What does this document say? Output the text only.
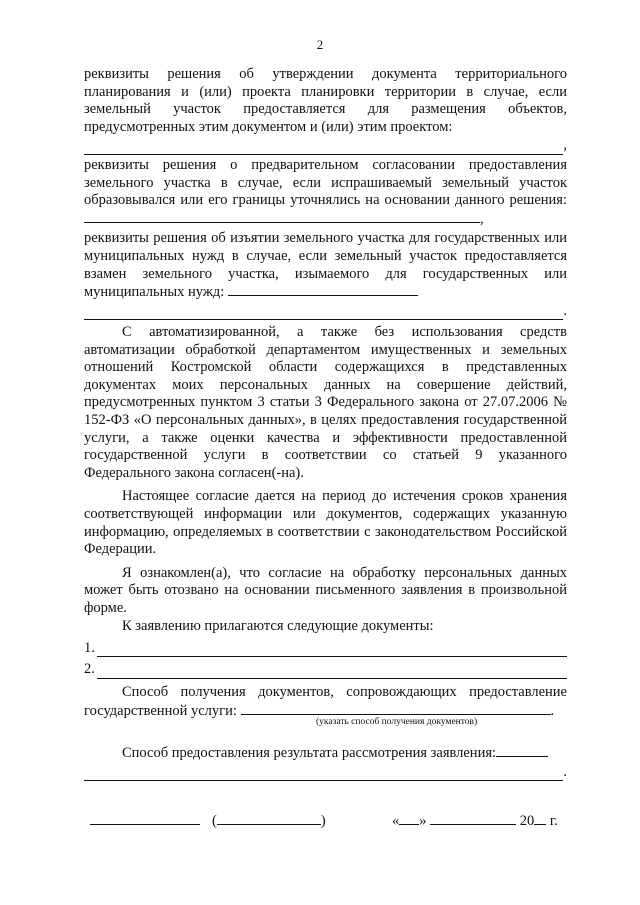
2

реквизиты решения об утверждении документа территориального планирования и (или) проекта планировки территории в случае, если земельный участок предоставляется для размещения объектов, предусмотренных этим документом и (или) этим проектом:

,

реквизиты решения о предварительном согласовании предоставления земельного участка в случае, если испрашиваемый земельный участок образовывался или его границы уточнялись на основании данного решения: ,

реквизиты решения об изъятии земельного участка для государственных или муниципальных нужд в случае, если земельный участок предоставляется взамен земельного участка, изымаемого для государственных или муниципальных нужд:

.

С автоматизированной, а также без использования средств автоматизации обработкой департаментом имущественных и земельных отношений Костромской области содержащихся в представленных документах моих персональных данных на совершение действий, предусмотренных пунктом 3 статьи 3 Федерального закона от 27.07.2006 № 152-ФЗ «О персональных данных», в целях предоставления государственной услуги, а также оценки качества и эффективности предоставленной государственной услуги в соответствии со статьей 9 указанного Федерального закона согласен(-на).

Настоящее согласие дается на период до истечения сроков хранения соответствующей информации или документов, содержащих указанную информацию, определяемых в соответствии с законодательством Российской Федерации.

Я ознакомлен(а), что согласие на обработку персональных данных может быть отозвано на основании письменного заявления в произвольной форме.

К заявлению прилагаются следующие документы:

1.
2.

Способ получения документов, сопровождающих предоставление государственной услуги:	.

(указать способ получения документов)

Способ предоставления результата рассмотрения заявления:

.
(	)	« »	20 г.
